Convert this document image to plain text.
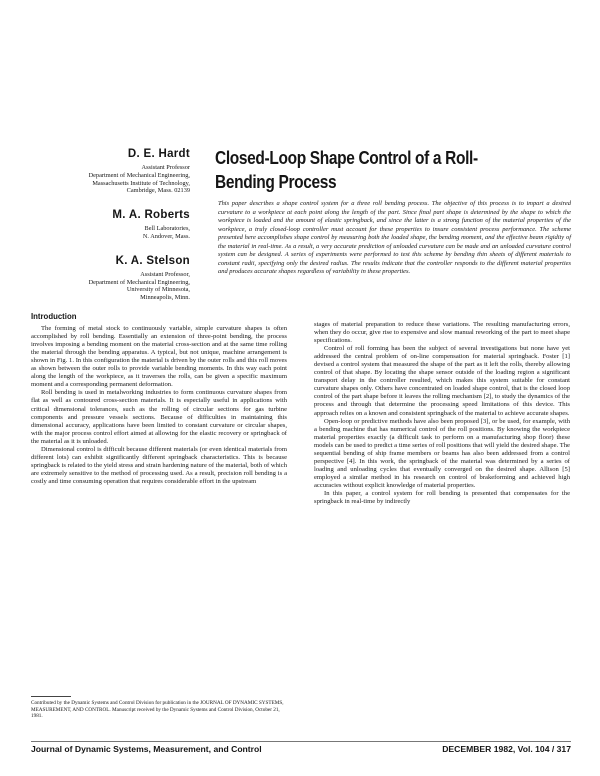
D. E. Hardt
Assistant Professor
Department of Mechanical Engineering,
Massachusetts Institute of Technology,
Cambridge, Mass. 02139
M. A. Roberts
Bell Laboratories,
N. Andover, Mass.
K. A. Stelson
Assistant Professor,
Department of Mechanical Engineering,
University of Minnesota,
Minneapolis, Minn.
Closed-Loop Shape Control of a Roll-Bending Process

This paper describes a shape control system for a three roll bending process. The objective of this process is to impart a desired curvature to a workpiece at each point along the length of the part. Since final part shape is determined by the shape to which the workpiece is loaded and the amount of elastic springback, and since the latter is a strong function of the material properties of the workpiece, a truly closed-loop controller must account for these properties to insure consistent process performance. The scheme presented here accomplishes shape control by measuring both the loaded shape, the bending moment, and the effective beam rigidity of the material in real-time. As a result, a very accurate prediction of unloaded curvature can be made and an unloaded curvature control system can be designed. A series of experiments were performed to test this scheme by bending thin sheets of different materials to constant radii, specifying only the desired radius. The results indicate that the controller responds to the different material properties and produces accurate shapes regardless of variability in these properties.

Introduction

The forming of metal stock to continuously variable, simple curvature shapes is often accomplished by roll bending. Essentially an extension of three-point bending, the process involves imposing a bending moment on the material cross-section and at the same time rolling the material through the bending apparatus. A typical, but not unique, machine arrangement is shown in Fig. 1. In this configuration the material is driven by the outer rolls and this roll moves as shown between the outer rolls to provide variable bending moments. In this way each point along the length of the workpiece, as it traverses the rolls, can be given a specific maximum moment and a corresponding permanent deformation.

Roll bending is used in metalworking industries to form continuous curvature shapes from flat as well as contoured cross-section materials. It is especially useful in applications with critical dimensional tolerances, such as the rolling of circular sections for gas turbine components and pressure vessels sections. Because of difficulties in maintaining this dimensional accuracy, applications have been limited to constant curvature or circular shapes, with the major process control effort aimed at allowing for the elastic recovery or springback of the material as it is unloaded.

Dimensional control is difficult because different materials (or even identical materials from different lots) can exhibit significantly different springback characteristics. This is because springback is related to the yield stress and strain hardening nature of the material, both of which are extremely sensitive to the method of processing used. As a result, precision roll bending is a costly and time consuming operation that requires considerable effort in the upstream

stages of material preparation to reduce these variations. The resulting manufacturing errors, when they do occur, give rise to expensive and slow manual reworking of the part to meet shape specifications.

Control of roll forming has been the subject of several investigations but none have yet addressed the central problem of on-line compensation for material springback. Foster [1] devised a control system that measured the shape of the part as it left the rolls, thereby allowing control of that shape. By locating the shape sensor outside of the loading region a significant transport delay in the controller resulted, which makes this system suitable for constant curvature shapes only. Others have concentrated on loaded shape control, that is the closed loop control of the part shape before it leaves the rolling mechanism [2], to study the dynamics of the process and through that determine the processing speed limitations of this device. This approach relies on a known and consistent springback of the material to achieve accurate shapes.

Open-loop or predictive methods have also been proposed [3], or be used, for example, with a bending machine that has numerical control of the roll positions. By knowing the workpiece material properties exactly (a difficult task to perform on a manufacturing shop floor) these models can be used to predict a time series of roll positions that will yield the desired shape. The sequential bending of ship frame members or beams has also been addressed from a control perspective [4]. In this work, the springback of the material was determined by a series of loading and unloading cycles that eventually converged on the desired shape. Allison [5] employed a similar method in his research on control of brakeforming and achieved high accuracies without explicit knowledge of material properties.

In this paper, a control system for roll bending is presented that compensates for the springback in real-time by indirectly

Contributed by the Dynamic Systems and Control Division for publication in the JOURNAL OF DYNAMIC SYSTEMS, MEASUREMENT, AND CONTROL. Manuscript received by the Dynamic Systems and Control Division, October 21, 1981.

Journal of Dynamic Systems, Measurement, and Control	DECEMBER 1982, Vol. 104 / 317
